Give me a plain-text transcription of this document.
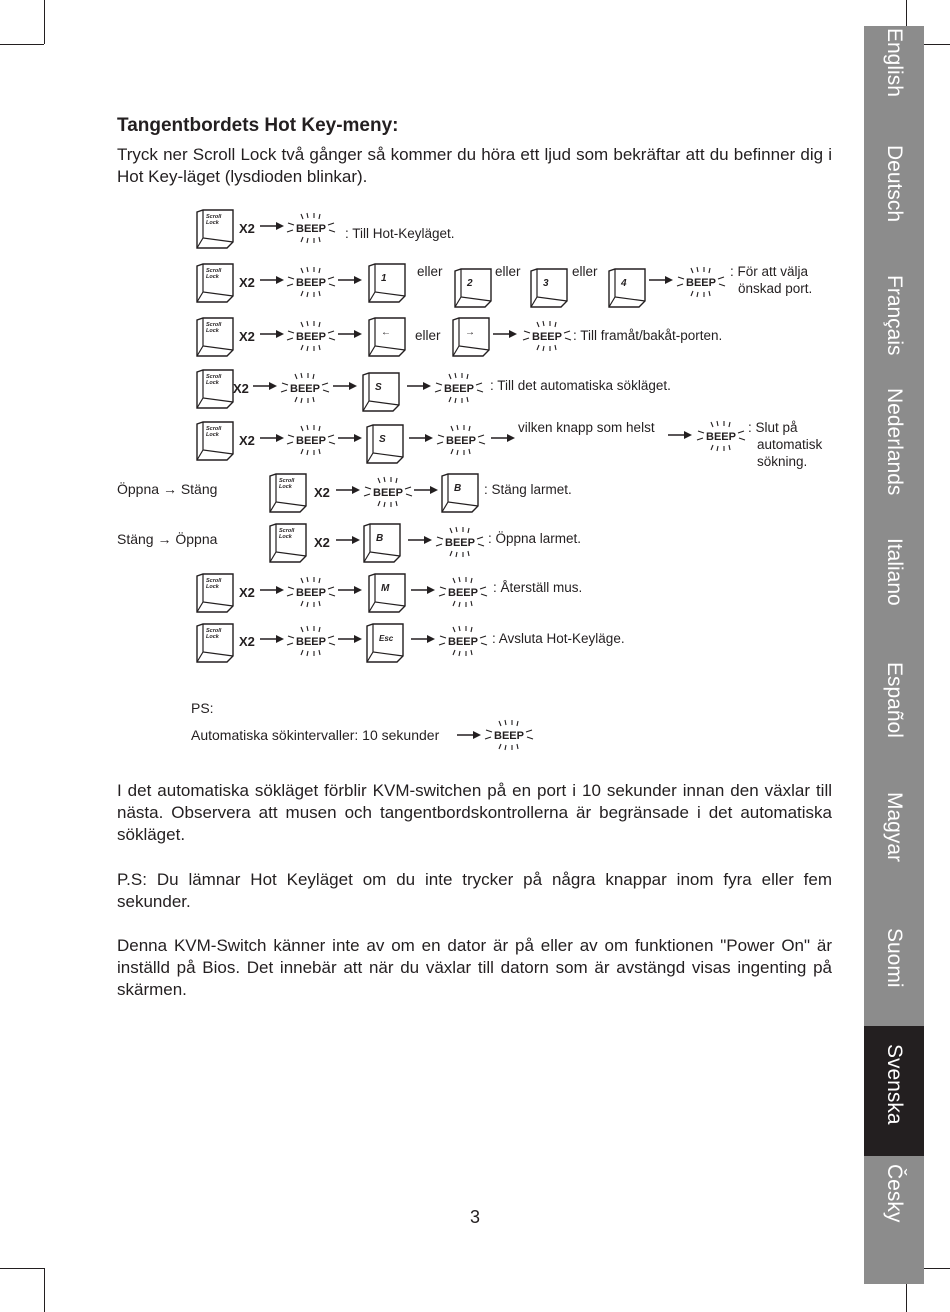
English
Deutsch
Français
Nederlands
Italiano
Español
Magyar
Suomi
Svenska
Česky
Tangentbordets Hot Key-meny:

Tryck ner Scroll Lock två gånger så kommer du höra ett ljud som bekräftar att du befinner dig i Hot Key-läget (lysdioden blinkar).

Scroll
Lock X2	BEEP : Till Hot-Keyläget.
Scroll
Lock X2	BEEP	1 eller
2
eller
3
eller
4	BEEP
: För att välja
önskad port.
Scroll
Lock X2	BEEP	← eller →	BEEP : Till framåt/bakåt-porten.
Scroll
Lock X2	BEEP	S	BEEP : Till det automatiska sökläget.
Scroll
Lock X2	BEEP	S	BEEP
vilken knapp som helst
BEEP
: Slut på
automatisk
sökning.
Öppna → Stäng	Scroll
Lock X2	BEEP	B : Stäng larmet.
Stäng → Öppna	Scroll
Lock X2	B	BEEP : Öppna larmet.
Scroll
Lock X2	BEEP	M	BEEP : Återställ mus.
Scroll
Lock X2	BEEP	Esc	BEEP : Avsluta Hot-Keyläge.
PS:
Automatiska sökintervaller: 10 sekunder	BEEP

I det automatiska sökläget förblir KVM-switchen på en port i 10 sekunder innan den växlar till nästa. Observera att musen och tangentbordskontrollerna är begränsade i det automatiska sökläget.

P.S: Du lämnar Hot Keyläget om du inte trycker på några knappar inom fyra eller fem sekunder.

Denna KVM-Switch känner inte av om en dator är på eller av om funktionen "Power On" är inställd på Bios. Det innebär att när du växlar till datorn som är avstängd visas ingenting på skärmen.

3
